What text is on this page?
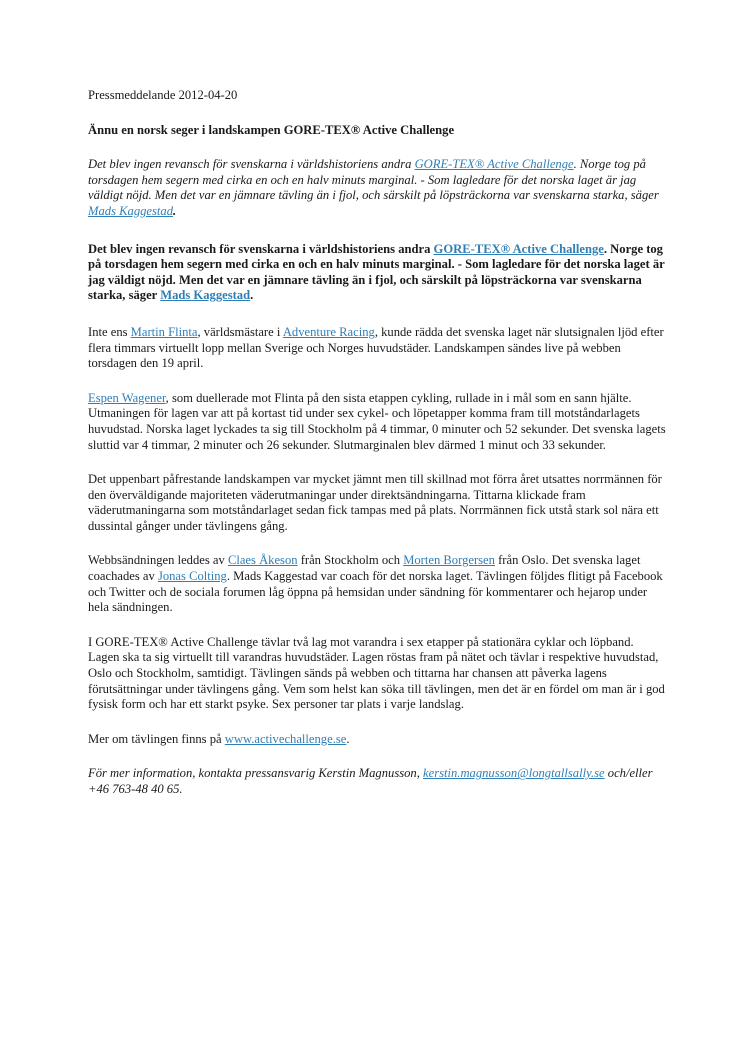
Pressmeddelande 2012-04-20

Ännu en norsk seger i landskampen GORE-TEX® Active Challenge

Det blev ingen revansch för svenskarna i världshistoriens andra GORE-TEX® Active Challenge. Norge tog på torsdagen hem segern med cirka en och en halv minuts marginal. - Som lagledare för det norska laget är jag väldigt nöjd. Men det var en jämnare tävling än i fjol, och särskilt på löpsträckorna var svenskarna starka, säger Mads Kaggestad.

Det blev ingen revansch för svenskarna i världshistoriens andra GORE-TEX® Active Challenge. Norge tog på torsdagen hem segern med cirka en och en halv minuts marginal. - Som lagledare för det norska laget är jag väldigt nöjd. Men det var en jämnare tävling än i fjol, och särskilt på löpsträckorna var svenskarna starka, säger Mads Kaggestad.

Inte ens Martin Flinta, världsmästare i Adventure Racing, kunde rädda det svenska laget när slutsignalen ljöd efter flera timmars virtuellt lopp mellan Sverige och Norges huvudstäder. Landskampen sändes live på webben torsdagen den 19 april.

Espen Wagener, som duellerade mot Flinta på den sista etappen cykling, rullade in i mål som en sann hjälte. Utmaningen för lagen var att på kortast tid under sex cykel- och löpetapper komma fram till motståndarlagets huvudstad. Norska laget lyckades ta sig till Stockholm på 4 timmar, 0 minuter och 52 sekunder. Det svenska lagets sluttid var 4 timmar, 2 minuter och 26 sekunder. Slutmarginalen blev därmed 1 minut och 33 sekunder.

Det uppenbart påfrestande landskampen var mycket jämnt men till skillnad mot förra året utsattes norrmännen för den överväldigande majoriteten väderutmaningar under direktsändningarna. Tittarna klickade fram väderutmaningarna som motståndarlaget sedan fick tampas med på plats. Norrmännen fick utstå stark sol nära ett dussintal gånger under tävlingens gång.

Webbsändningen leddes av Claes Åkeson från Stockholm och Morten Borgersen från Oslo. Det svenska laget coachades av Jonas Colting. Mads Kaggestad var coach för det norska laget. Tävlingen följdes flitigt på Facebook och Twitter och de sociala forumen låg öppna på hemsidan under sändning för kommentarer och hejarop under hela sändningen.

I GORE-TEX® Active Challenge tävlar två lag mot varandra i sex etapper på stationära cyklar och löpband. Lagen ska ta sig virtuellt till varandras huvudstäder. Lagen röstas fram på nätet och tävlar i respektive huvudstad, Oslo och Stockholm, samtidigt. Tävlingen sänds på webben och tittarna har chansen att påverka lagens förutsättningar under tävlingens gång. Vem som helst kan söka till tävlingen, men det är en fördel om man är i god fysisk form och har ett starkt psyke. Sex personer tar plats i varje landslag.

Mer om tävlingen finns på www.activechallenge.se.

För mer information, kontakta pressansvarig Kerstin Magnusson, kerstin.magnusson@longtallsally.se och/eller +46 763-48 40 65.
